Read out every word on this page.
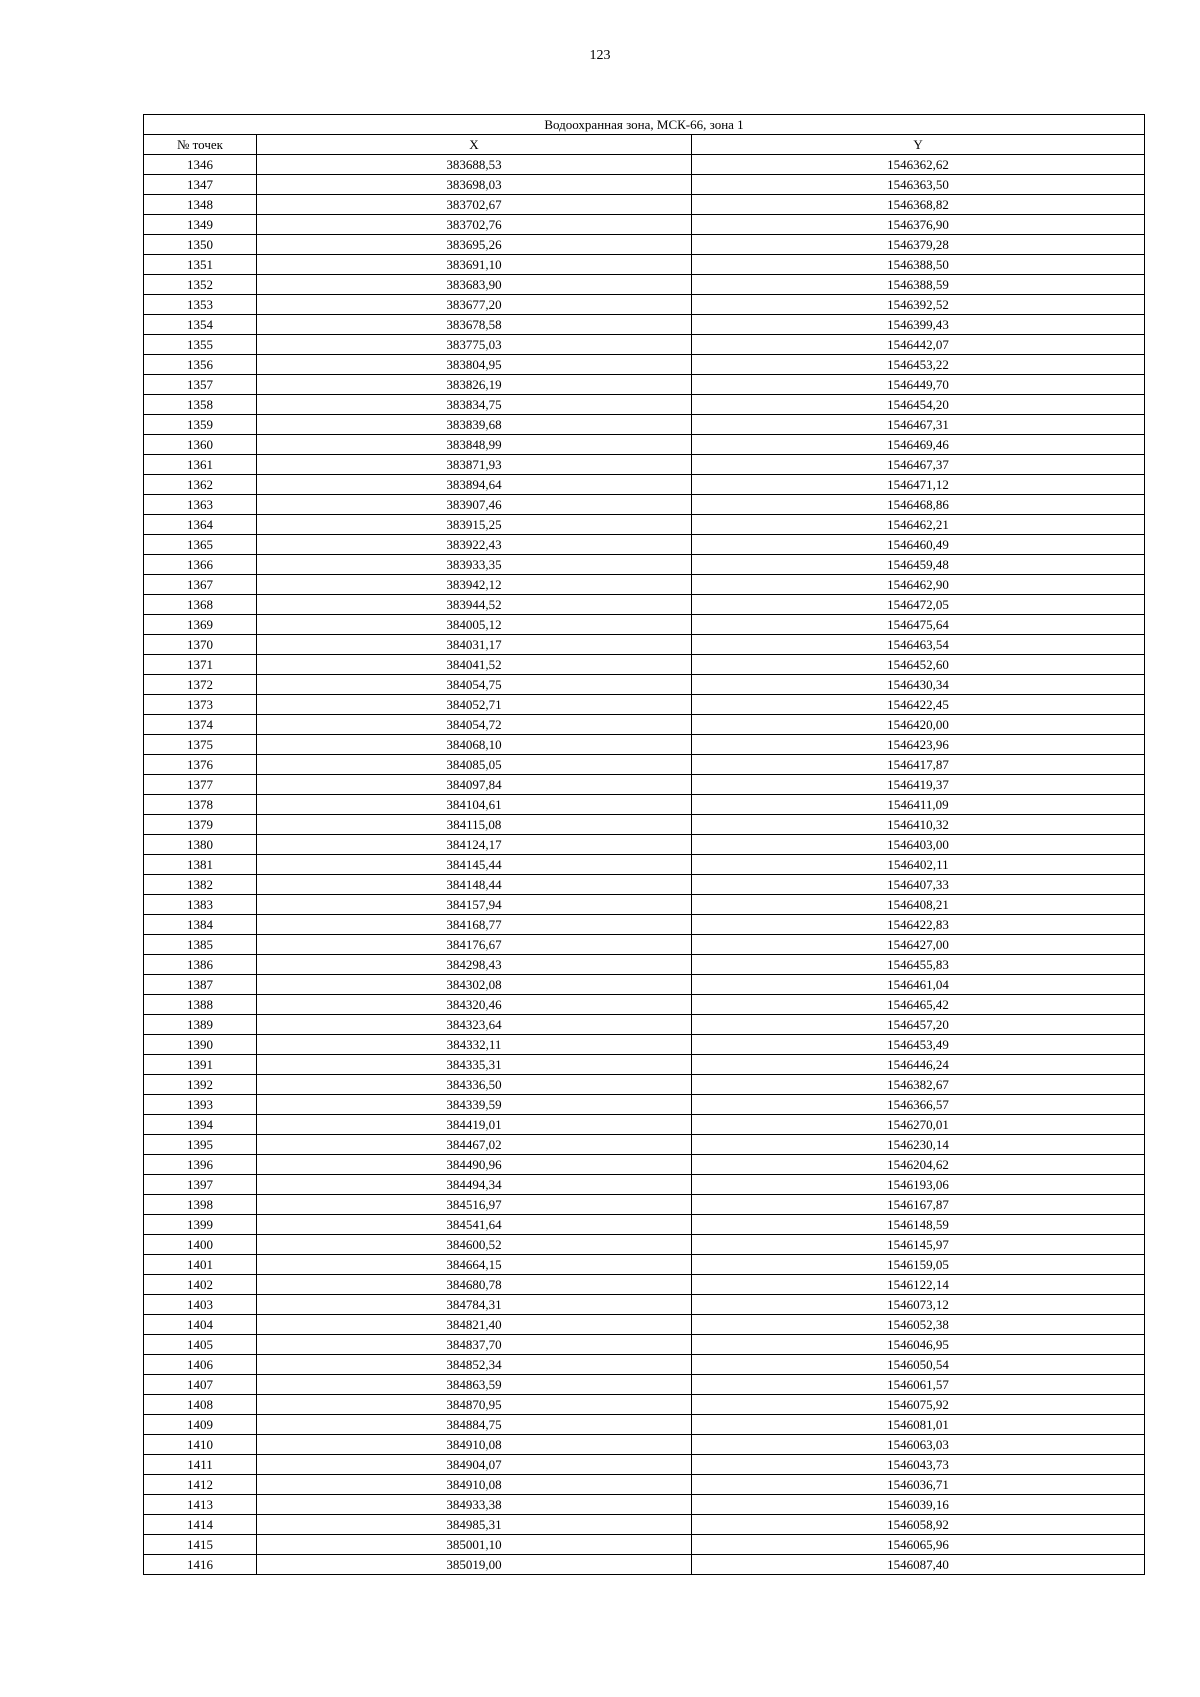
123
Водоохранная зона, МСК-66, зона 1		
№ точек	X	Y
1346	383688,53	1546362,62
1347	383698,03	1546363,50
1348	383702,67	1546368,82
1349	383702,76	1546376,90
1350	383695,26	1546379,28
1351	383691,10	1546388,50
1352	383683,90	1546388,59
1353	383677,20	1546392,52
1354	383678,58	1546399,43
1355	383775,03	1546442,07
1356	383804,95	1546453,22
1357	383826,19	1546449,70
1358	383834,75	1546454,20
1359	383839,68	1546467,31
1360	383848,99	1546469,46
1361	383871,93	1546467,37
1362	383894,64	1546471,12
1363	383907,46	1546468,86
1364	383915,25	1546462,21
1365	383922,43	1546460,49
1366	383933,35	1546459,48
1367	383942,12	1546462,90
1368	383944,52	1546472,05
1369	384005,12	1546475,64
1370	384031,17	1546463,54
1371	384041,52	1546452,60
1372	384054,75	1546430,34
1373	384052,71	1546422,45
1374	384054,72	1546420,00
1375	384068,10	1546423,96
1376	384085,05	1546417,87
1377	384097,84	1546419,37
1378	384104,61	1546411,09
1379	384115,08	1546410,32
1380	384124,17	1546403,00
1381	384145,44	1546402,11
1382	384148,44	1546407,33
1383	384157,94	1546408,21
1384	384168,77	1546422,83
1385	384176,67	1546427,00
1386	384298,43	1546455,83
1387	384302,08	1546461,04
1388	384320,46	1546465,42
1389	384323,64	1546457,20
1390	384332,11	1546453,49
1391	384335,31	1546446,24
1392	384336,50	1546382,67
1393	384339,59	1546366,57
1394	384419,01	1546270,01
1395	384467,02	1546230,14
1396	384490,96	1546204,62
1397	384494,34	1546193,06
1398	384516,97	1546167,87
1399	384541,64	1546148,59
1400	384600,52	1546145,97
1401	384664,15	1546159,05
1402	384680,78	1546122,14
1403	384784,31	1546073,12
1404	384821,40	1546052,38
1405	384837,70	1546046,95
1406	384852,34	1546050,54
1407	384863,59	1546061,57
1408	384870,95	1546075,92
1409	384884,75	1546081,01
1410	384910,08	1546063,03
1411	384904,07	1546043,73
1412	384910,08	1546036,71
1413	384933,38	1546039,16
1414	384985,31	1546058,92
1415	385001,10	1546065,96
1416	385019,00	1546087,40
